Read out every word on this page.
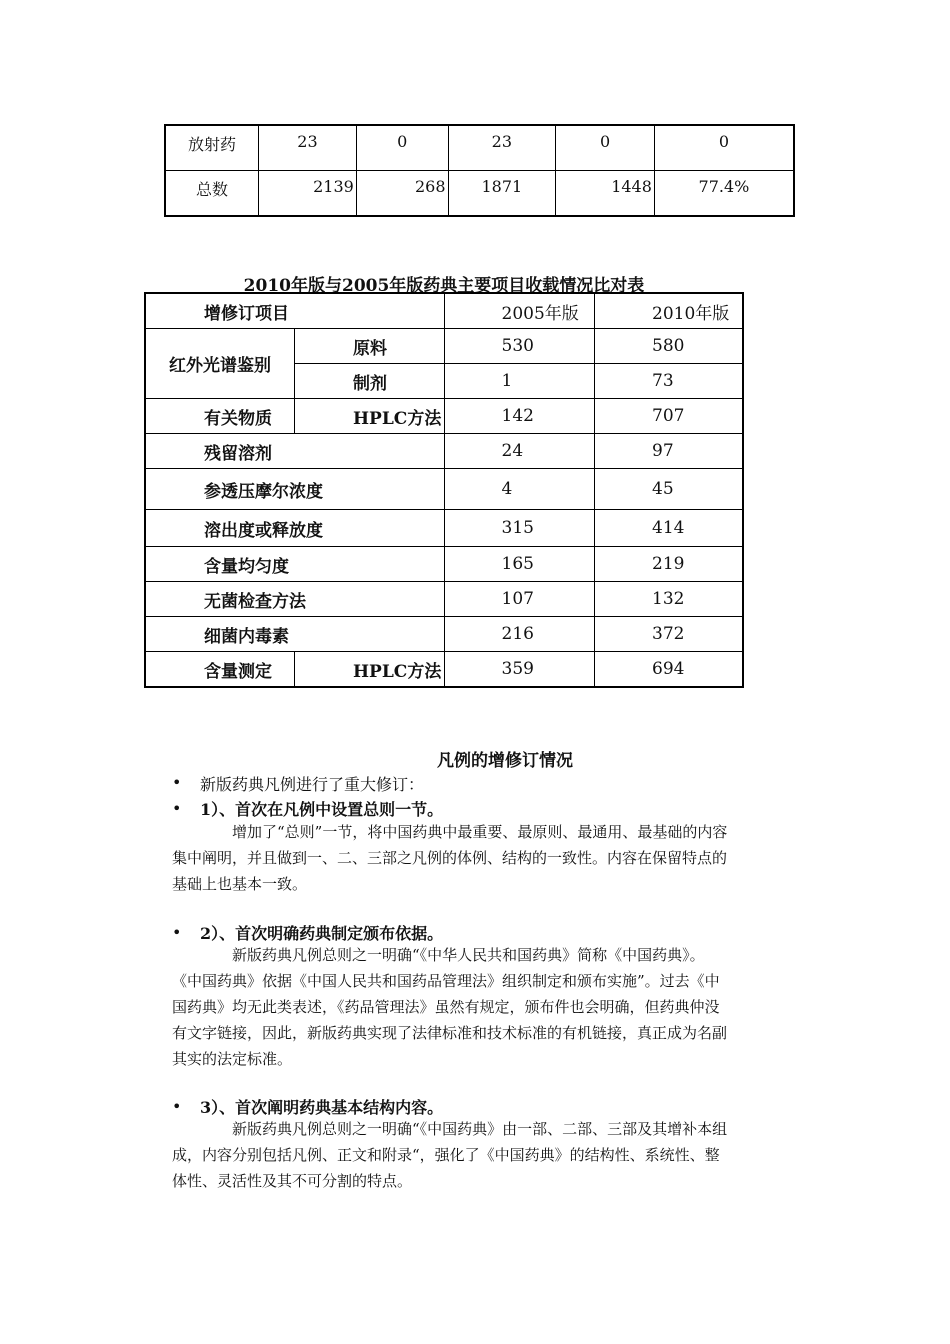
放射药	23	0	23	0	0

总数	2139	268	1871	1448	77.4%
2010年版与2005年版药典主要项目收载情况比对表
增修订项目		2005年版	2010年版
红外光谱鉴别	原料	530	580
	制剂	1	73
有关物质	HPLC方法	142	707
残留溶剂		24	97
参透压摩尔浓度		4	45
溶出度或释放度		315	414
含量均匀度		165	219
无菌检查方法		107	132
细菌内毒素		216	372
含量测定	HPLC方法	359	694
凡例的增修订情况
• 新版药典凡例进行了重大修订：
• 1）、首次在凡例中设置总则一节。

增加了“总则”一节，将中国药典中最重要、最原则、最通用、最基础的内容

集中阐明，并且做到一、二、三部之凡例的体例、结构的一致性。内容在保留特点的

基础上也基本一致。

• 2）、首次明确药典制定颁布依据。

新版药典凡例总则之一明确“《中华人民共和国药典》简称《中国药典》。

《中国药典》依据《中国人民共和国药品管理法》组织制定和颁布实施”。过去《中

国药典》均无此类表述，《药品管理法》虽然有规定，颁布件也会明确，但药典仲没

有文字链接，因此，新版药典实现了法律标准和技术标准的有机链接，真正成为名副

其实的法定标准。

• 3）、首次阐明药典基本结构内容。

新版药典凡例总则之一明确“《中国药典》由一部、二部、三部及其增补本组

成，内容分别包括凡例、正文和附录“，强化了《中国药典》的结构性、系统性、整

体性、灵活性及其不可分割的特点。
